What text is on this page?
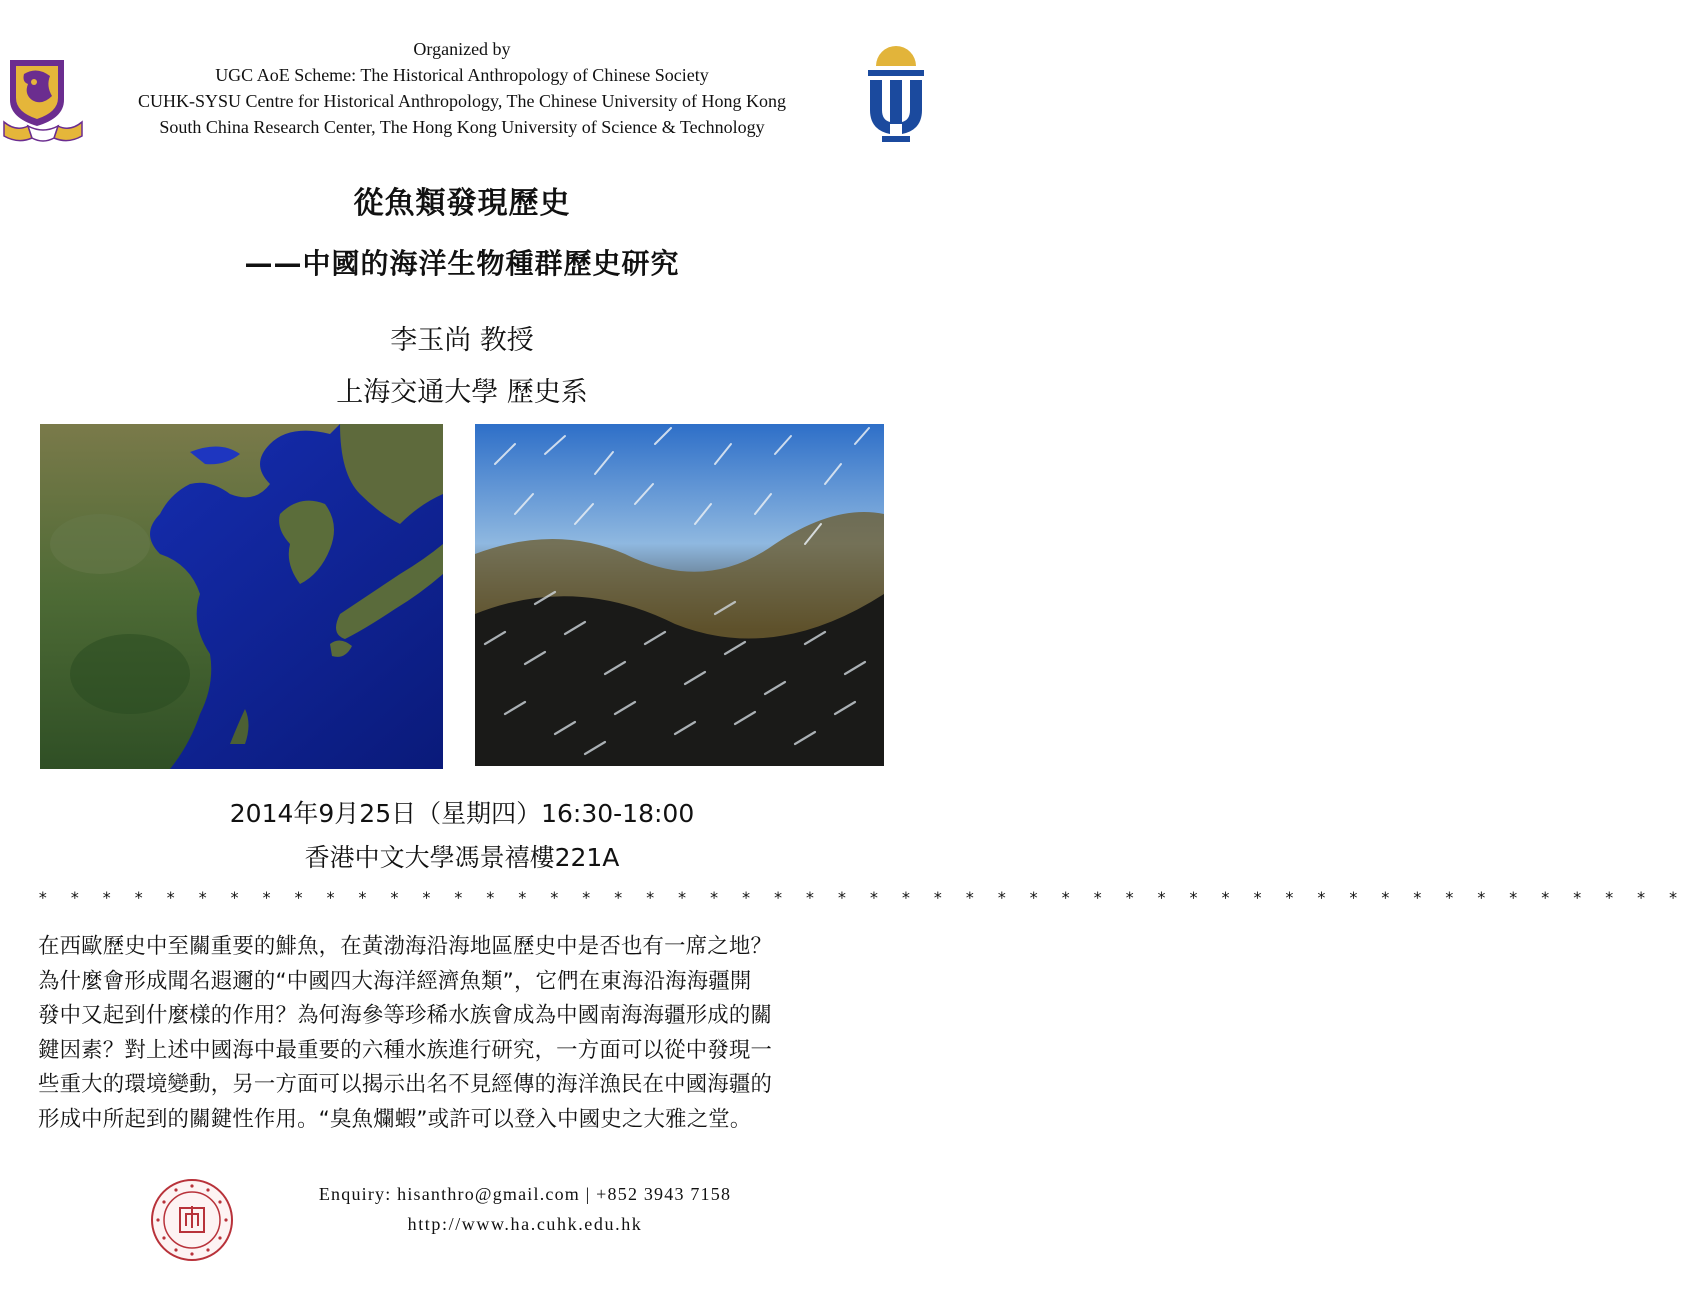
Organized by
UGC AoE Scheme: The Historical Anthropology of Chinese Society
CUHK-SYSU Centre for Historical Anthropology, The Chinese University of Hong Kong
South China Research Center, The Hong Kong University of Science & Technology
從魚類發現歷史
——中國的海洋生物種群歷史研究
李玉尚 教授
上海交通大學 歷史系
2014年9月25日（星期四）16:30-18:00
香港中文大學馮景禧樓221A
* * * * * * * * * * * * * * * * * * * * * * * * * * * * * * * * * * * * * * * * * * * * * * * * * * * *
在西歐歷史中至關重要的鯡魚，在黃渤海沿海地區歷史中是否也有一席之地？
為什麼會形成聞名遐邇的“中國四大海洋經濟魚類”，它們在東海沿海海疆開
發中又起到什麼樣的作用？為何海參等珍稀水族會成為中國南海海疆形成的關
鍵因素？對上述中國海中最重要的六種水族進行研究，一方面可以從中發現一
些重大的環境變動，另一方面可以揭示出名不見經傳的海洋漁民在中國海疆的
形成中所起到的關鍵性作用。“臭魚爛蝦”或許可以登入中國史之大雅之堂。
Enquiry: hisanthro@gmail.com | +852 3943 7158
http://www.ha.cuhk.edu.hk
